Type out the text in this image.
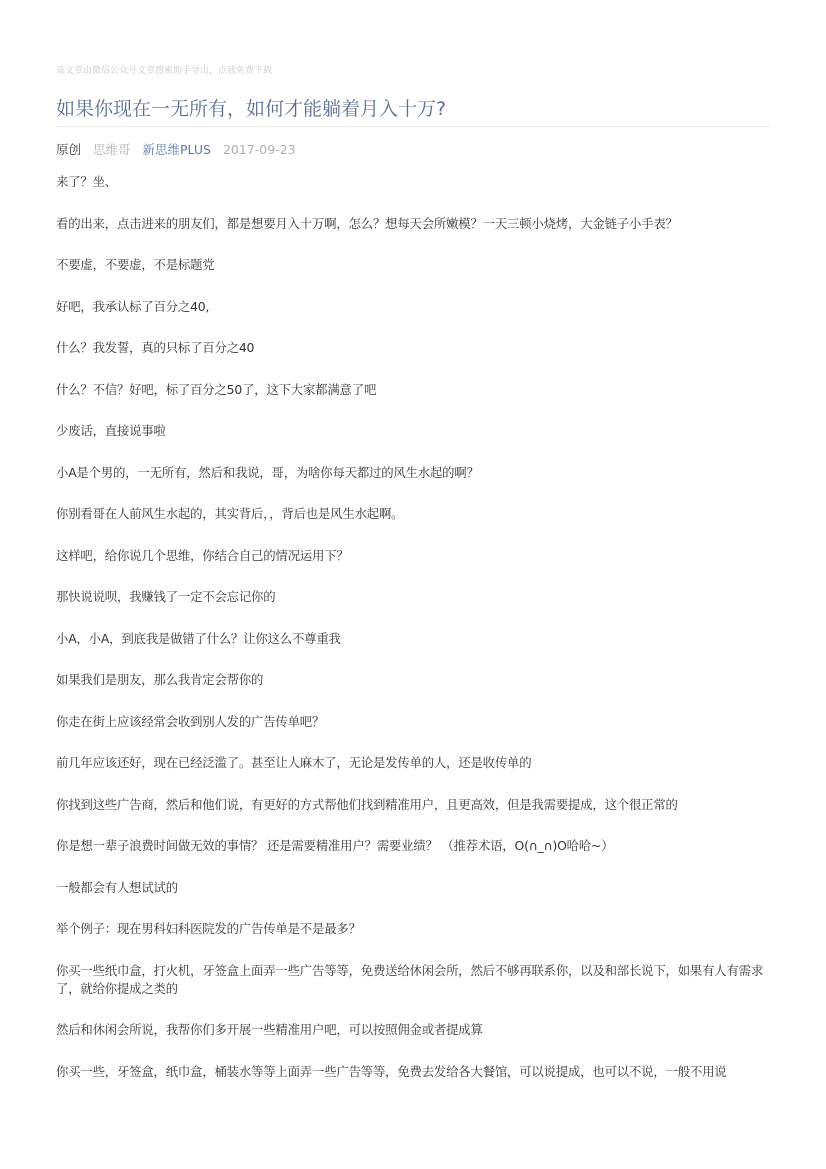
该文章由微信公众号文章搜索助手导出，点我免费下载
如果你现在一无所有，如何才能躺着月入十万?
原创 思维哥 新思维PLUS 2017-09-23

来了？坐、

看的出来，点击进来的朋友们，都是想要月入十万啊，怎么？想每天会所嫩模？一天三顿小烧烤，大金链子小手表？

不要虚，不要虚，不是标题党

好吧，我承认标了百分之40,

什么？我发誓，真的只标了百分之40

什么？不信？好吧，标了百分之50了，这下大家都满意了吧

少废话，直接说事啦

小A是个男的，一无所有，然后和我说，哥，为啥你每天都过的风生水起的啊？

你别看哥在人前风生水起的，其实背后，，背后也是风生水起啊。

这样吧，给你说几个思维，你结合自己的情况运用下？

那快说说呗，我赚钱了一定不会忘记你的

小A，小A，到底我是做错了什么？让你这么不尊重我

如果我们是朋友，那么我肯定会帮你的

你走在街上应该经常会收到别人发的广告传单吧？

前几年应该还好，现在已经泛滥了。甚至让人麻木了，无论是发传单的人，还是收传单的

你找到这些广告商，然后和他们说，有更好的方式帮他们找到精准用户，且更高效，但是我需要提成，这个很正常的

你是想一辈子浪费时间做无效的事情？ 还是需要精准用户？需要业绩？ （推荐术语，O(∩_∩)O哈哈~）

一般都会有人想试试的

举个例子：现在男科妇科医院发的广告传单是不是最多？

你买一些纸巾盒，打火机，牙签盒上面弄一些广告等等，免费送给休闲会所，然后不够再联系你，以及和部长说下，如果有人有需求了，就给你提成之类的

然后和休闲会所说，我帮你们多开展一些精准用户吧，可以按照佣金或者提成算

你买一些，牙签盒，纸巾盒，桶装水等等上面弄一些广告等等，免费去发给各大餐馆，可以说提成，也可以不说，一般不用说
